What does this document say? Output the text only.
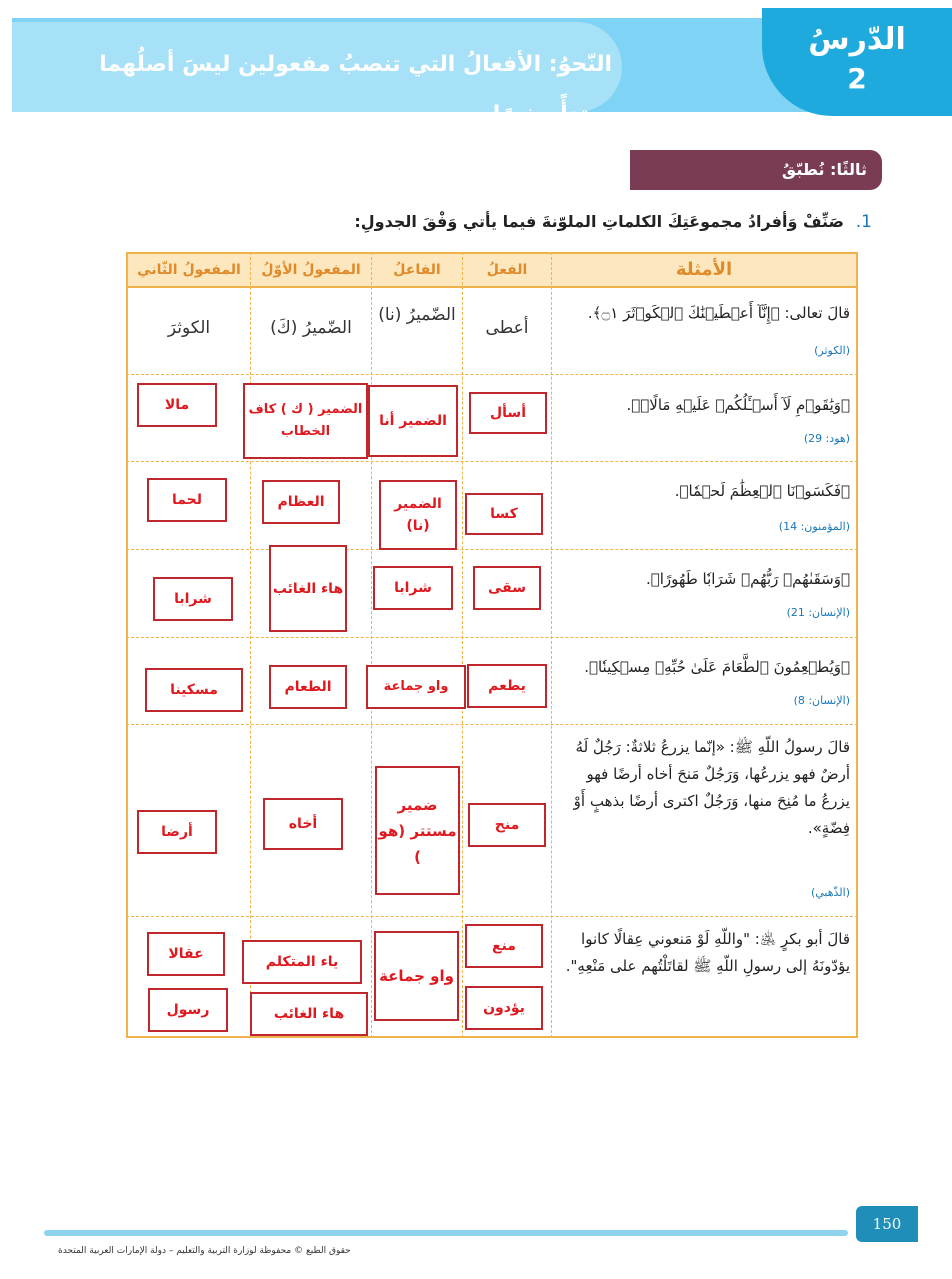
النّحوُ: الأفعالُ التي تنصبُ مفعولين ليسَ أصلُهما مبتدأً وخبرًا
الدّرسُ
2
ثالثًا: نُطبّقُ
صَنِّفْ وَأفرادُ مجموعَتِكَ الكلماتِ الملوّنةَ فيما يأتي وَفْقَ الجدولِ: .1
الأمثلة
الفعلُ
الفاعلُ
المفعولُ الأوّلُ
المفعولُ الثّاني
قالَ تعالى: ﴿إِنَّآ أَعۡطَيۡنَٰكَ ٱلۡكَوۡثَرَ ۝١﴾.
(الكوثر)
أعطى
الضّميرُ (نا)
الضّميرُ (كَ)
الكوثرَ
﴿وَيَٰقَوۡمِ لَآ أَسۡـَٔلُكُمۡ عَلَيۡهِ مَالًاۖ﴾.
(هود: 29)
أسأل
الضمير أنا
الضمير ( ك ) كاف الخطاب
مالا
﴿فَكَسَوۡنَا ٱلۡعِظَٰمَ لَحۡمٗا﴾.
(المؤمنون: 14)
كسا
الضمير (نا)
العظام
لحما
﴿وَسَقَىٰهُمۡ رَبُّهُمۡ شَرَابٗا طَهُورًا﴾.
(الإنسان: 21)
سقى
شرابا
هاء الغائب
شرابا
﴿وَيُطۡعِمُونَ ٱلطَّعَامَ عَلَىٰ حُبِّهِۦ مِسۡكِينٗا﴾.
(الإنسان: 8)
يطعم
واو جماعة
الطعام
مسكينا
قالَ رسولُ اللّهِ ﷺ: «إنّما يزرعُ ثلاثةٌ: رَجُلٌ لَهُ أرضٌ فهو يزرعُها، وَرَجُلٌ مَنحَ أخاه أرضًا فهو يزرعُ ما مُنِحَ منها، وَرَجُلٌ اكترى أرضًا بذهبٍ أَوْ فِضّةٍ».
(الذّهبي)
منح
ضمير مستتر (هو )
أخاه
أرضا
قالَ أبو بكرٍ ﵁: "واللّهِ لَوْ مَنعوني عِقالًا كانوا يؤدّونَهُ إلى رسولِ اللّهِ ﷺ لقاتَلْتُهم على مَنْعِهِ".
منع
يؤدون
واو جماعة
ياء المتكلم
هاء الغائب
عقالا
رسول
150
حقوق الطبع © محفوظة لوزارة التربية والتعليم – دولة الإمارات العربية المتحدة
